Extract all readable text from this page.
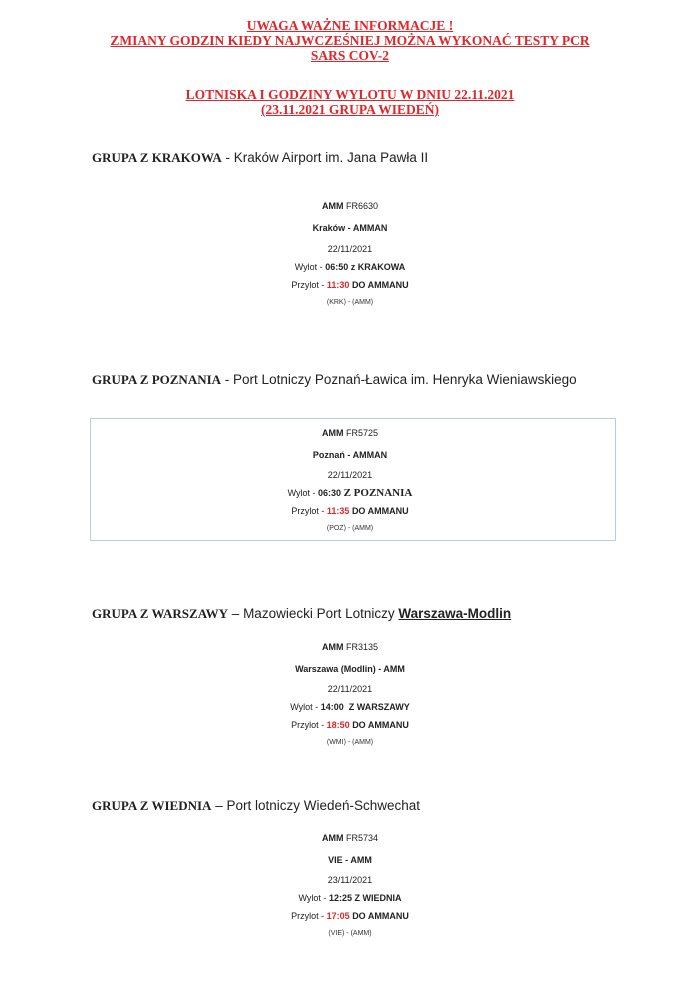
UWAGA WAŻNE INFORMACJE !

ZMIANY GODZIN KIEDY NAJWCZEŚNIEJ MOŻNA WYKONAĆ TESTY PCR

SARS COV-2

LOTNISKA I GODZINY WYLOTU W DNIU 22.11.2021

(23.11.2021 GRUPA WIEDEŃ)

GRUPA Z KRAKOWA - Kraków Airport im. Jana Pawła II
AMM FR6630
Kraków - AMMAN
22/11/2021
Wylot - 06:50 z KRAKOWA
Przylot - 11:30 DO AMMANU
(KRK) - (AMM)
GRUPA Z POZNANIA - Port Lotniczy Poznań-Ławica im. Henryka Wieniawskiego
AMM FR5725
Poznań - AMMAN
22/11/2021
Wylot - 06:30 Z POZNANIA
Przylot - 11:35 DO AMMANU
(POZ) - (AMM)
GRUPA Z WARSZAWY – Mazowiecki Port Lotniczy Warszawa-Modlin
AMM FR3135
Warszawa (Modlin) - AMM
22/11/2021
Wylot - 14:00 Z WARSZAWY
Przylot - 18:50 DO AMMANU
(WMI) - (AMM)
GRUPA Z WIEDNIA – Port lotniczy Wiedeń-Schwechat
AMM FR5734
VIE - AMM
23/11/2021
Wylot - 12:25 Z WIEDNIA
Przylot - 17:05 DO AMMANU
(VIE) - (AMM)
